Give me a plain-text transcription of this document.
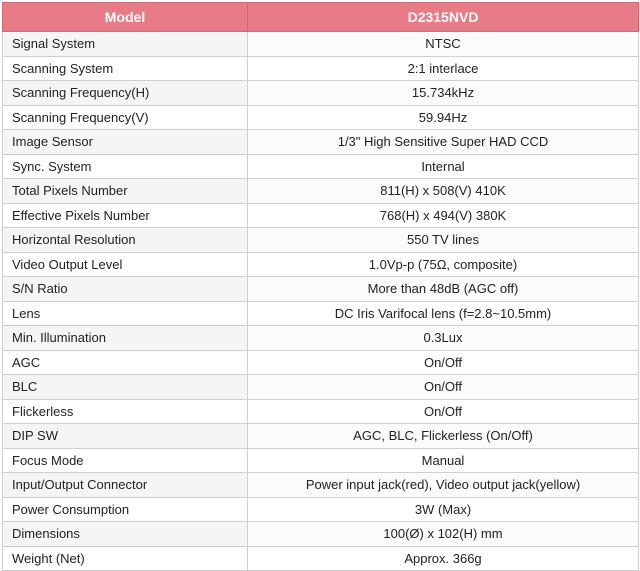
Model	D2315NVD
Signal System	NTSC
Scanning System	2:1 interlace
Scanning Frequency(H)	15.734kHz
Scanning Frequency(V)	59.94Hz
Image Sensor	1/3" High Sensitive Super HAD CCD
Sync. System	Internal
Total Pixels Number	811(H) x 508(V) 410K
Effective Pixels Number	768(H) x 494(V) 380K
Horizontal Resolution	550 TV lines
Video Output Level	1.0Vp-p (75Ω, composite)
S/N Ratio	More than 48dB (AGC off)
Lens	DC Iris Varifocal lens (f=2.8~10.5mm)
Min. Illumination	0.3Lux
AGC	On/Off
BLC	On/Off
Flickerless	On/Off
DIP SW	AGC, BLC, Flickerless (On/Off)
Focus Mode	Manual
Input/Output Connector	Power input jack(red), Video output jack(yellow)
Power Consumption	3W (Max)
Dimensions	100(Ø) x 102(H) mm
Weight (Net)	Approx. 366g
